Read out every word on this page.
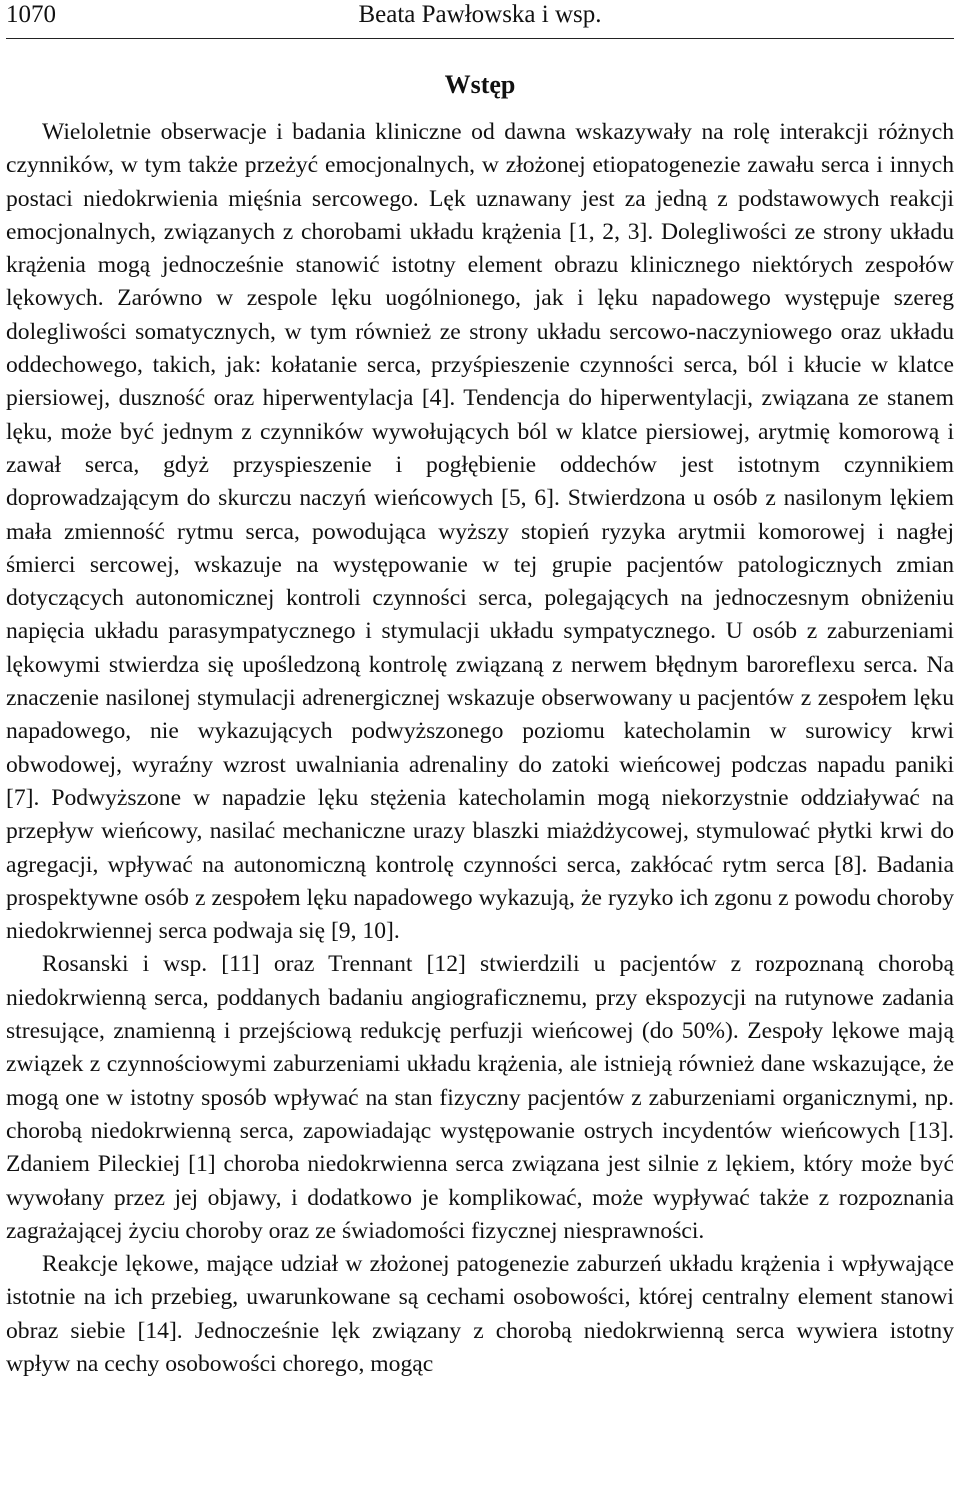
1070	Beata Pawłowska i wsp.
Wstęp

Wieloletnie obserwacje i badania kliniczne od dawna wskazywały na rolę interakcji różnych czynników, w tym także przeżyć emocjonalnych, w złożonej etiopatogenezie zawału serca i innych postaci niedokrwienia mięśnia sercowego. Lęk uznawany jest za jedną z podstawowych reakcji emocjonalnych, związanych z chorobami układu krążenia [1, 2, 3]. Dolegliwości ze strony układu krążenia mogą jednocześnie stanowić istotny element obrazu klinicznego niektórych zespołów lękowych. Zarówno w zespole lęku uogólnionego, jak i lęku napadowego występuje szereg dolegliwości somatycznych, w tym również ze strony układu sercowo-naczyniowego oraz układu oddechowego, takich, jak: kołatanie serca, przyśpieszenie czynności serca, ból i kłucie w klatce piersiowej, duszność oraz hiperwentylacja [4]. Tendencja do hiperwentylacji, związana ze stanem lęku, może być jednym z czynników wywołujących ból w klatce piersiowej, arytmię komorową i zawał serca, gdyż przyspieszenie i pogłębienie oddechów jest istotnym czynnikiem doprowadzającym do skurczu naczyń wieńcowych [5, 6]. Stwierdzona u osób z nasilonym lękiem mała zmienność rytmu serca, powodująca wyższy stopień ryzyka arytmii komorowej i nagłej śmierci sercowej, wskazuje na występowanie w tej grupie pacjentów patologicznych zmian dotyczących autonomicznej kontroli czynności serca, polegających na jednoczesnym obniżeniu napięcia układu parasympatycznego i stymulacji układu sympatycznego. U osób z zaburzeniami lękowymi stwierdza się upośledzoną kontrolę związaną z nerwem błędnym baroreflexu serca. Na znaczenie nasilonej stymulacji adrenergicznej wskazuje obserwowany u pacjentów z zespołem lęku napadowego, nie wykazujących podwyższonego poziomu katecholamin w surowicy krwi obwodowej, wyraźny wzrost uwalniania adrenaliny do zatoki wieńcowej podczas napadu paniki [7]. Podwyższone w napadzie lęku stężenia katecholamin mogą niekorzystnie oddziaływać na przepływ wieńcowy, nasilać mechaniczne urazy blaszki miażdżycowej, stymulować płytki krwi do agregacji, wpływać na autonomiczną kontrolę czynności serca, zakłócać rytm serca [8]. Badania prospektywne osób z zespołem lęku napadowego wykazują, że ryzyko ich zgonu z powodu choroby niedokrwiennej serca podwaja się [9, 10].

Rosanski i wsp. [11] oraz Trennant [12] stwierdzili u pacjentów z rozpoznaną chorobą niedokrwienną serca, poddanych badaniu angiograficznemu, przy ekspozycji na rutynowe zadania stresujące, znamienną i przejściową redukcję perfuzji wieńcowej (do 50%). Zespoły lękowe mają związek z czynnościowymi zaburzeniami układu krążenia, ale istnieją również dane wskazujące, że mogą one w istotny sposób wpływać na stan fizyczny pacjentów z zaburzeniami organicznymi, np. chorobą niedokrwienną serca, zapowiadając występowanie ostrych incydentów wieńcowych [13]. Zdaniem Pileckiej [1] choroba niedokrwienna serca związana jest silnie z lękiem, który może być wywołany przez jej objawy, i dodatkowo je komplikować, może wypływać także z rozpoznania zagrażającej życiu choroby oraz ze świadomości fizycznej niesprawności.

Reakcje lękowe, mające udział w złożonej patogenezie zaburzeń układu krążenia i wpływające istotnie na ich przebieg, uwarunkowane są cechami osobowości, której centralny element stanowi obraz siebie [14]. Jednocześnie lęk związany z chorobą niedokrwienną serca wywiera istotny wpływ na cechy osobowości chorego, mogąc
